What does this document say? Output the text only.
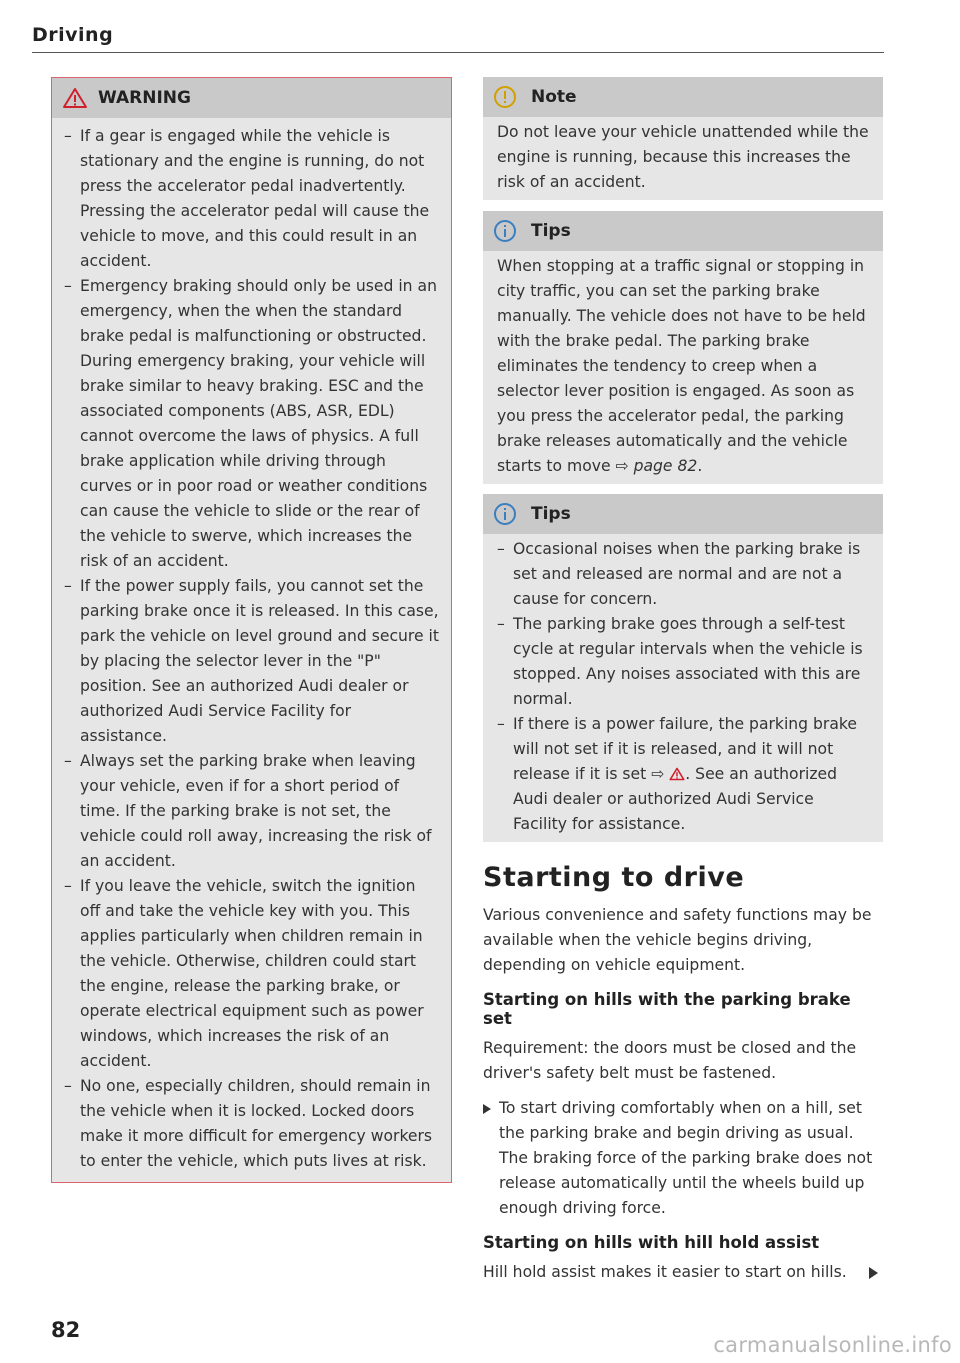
Driving
WARNING
– If a gear is engaged while the vehicle is stationary and the engine is running, do not press the accelerator pedal inadvertently. Pressing the accelerator pedal will cause the vehicle to move, and this could result in an accident.
– Emergency braking should only be used in an emergency, when the when the standard brake pedal is malfunctioning or obstructed. During emergency braking, your vehicle will brake similar to heavy braking. ESC and the associated components (ABS, ASR, EDL) cannot overcome the laws of physics. A full brake application while driving through curves or in poor road or weather conditions can cause the vehicle to slide or the rear of the vehicle to swerve, which increases the risk of an accident.
– If the power supply fails, you cannot set the parking brake once it is released. In this case, park the vehicle on level ground and secure it by placing the selector lever in the "P" position. See an authorized Audi dealer or authorized Audi Service Facility for assistance.
– Always set the parking brake when leaving your vehicle, even if for a short period of time. If the parking brake is not set, the vehicle could roll away, increasing the risk of an accident.
– If you leave the vehicle, switch the ignition off and take the vehicle key with you. This applies particularly when children remain in the vehicle. Otherwise, children could start the engine, release the parking brake, or operate electrical equipment such as power windows, which increases the risk of an accident.
– No one, especially children, should remain in the vehicle when it is locked. Locked doors make it more difficult for emergency workers to enter the vehicle, which puts lives at risk.
Note
Do not leave your vehicle unattended while the engine is running, because this increases the risk of an accident.
Tips
When stopping at a traffic signal or stopping in city traffic, you can set the parking brake manually. The vehicle does not have to be held with the brake pedal. The parking brake eliminates the tendency to creep when a selector lever position is engaged. As soon as you press the accelerator pedal, the parking brake releases automatically and the vehicle starts to move ⇨ page 82.
Tips
– Occasional noises when the parking brake is set and released are normal and are not a cause for concern.
– The parking brake goes through a self-test cycle at regular intervals when the vehicle is stopped. Any noises associated with this are normal.
– If there is a power failure, the parking brake will not set if it is released, and it will not release if it is set ⇨ . See an authorized Audi dealer or authorized Audi Service Facility for assistance.
Starting to drive

Various convenience and safety functions may be available when the vehicle begins driving, depending on vehicle equipment.

Starting on hills with the parking brake set

Requirement: the doors must be closed and the driver's safety belt must be fastened.

To start driving comfortably when on a hill, set the parking brake and begin driving as usual. The braking force of the parking brake does not release automatically until the wheels build up enough driving force.
Starting on hills with hill hold assist

Hill hold assist makes it easier to start on hills.

82
carmanualsonline.info
